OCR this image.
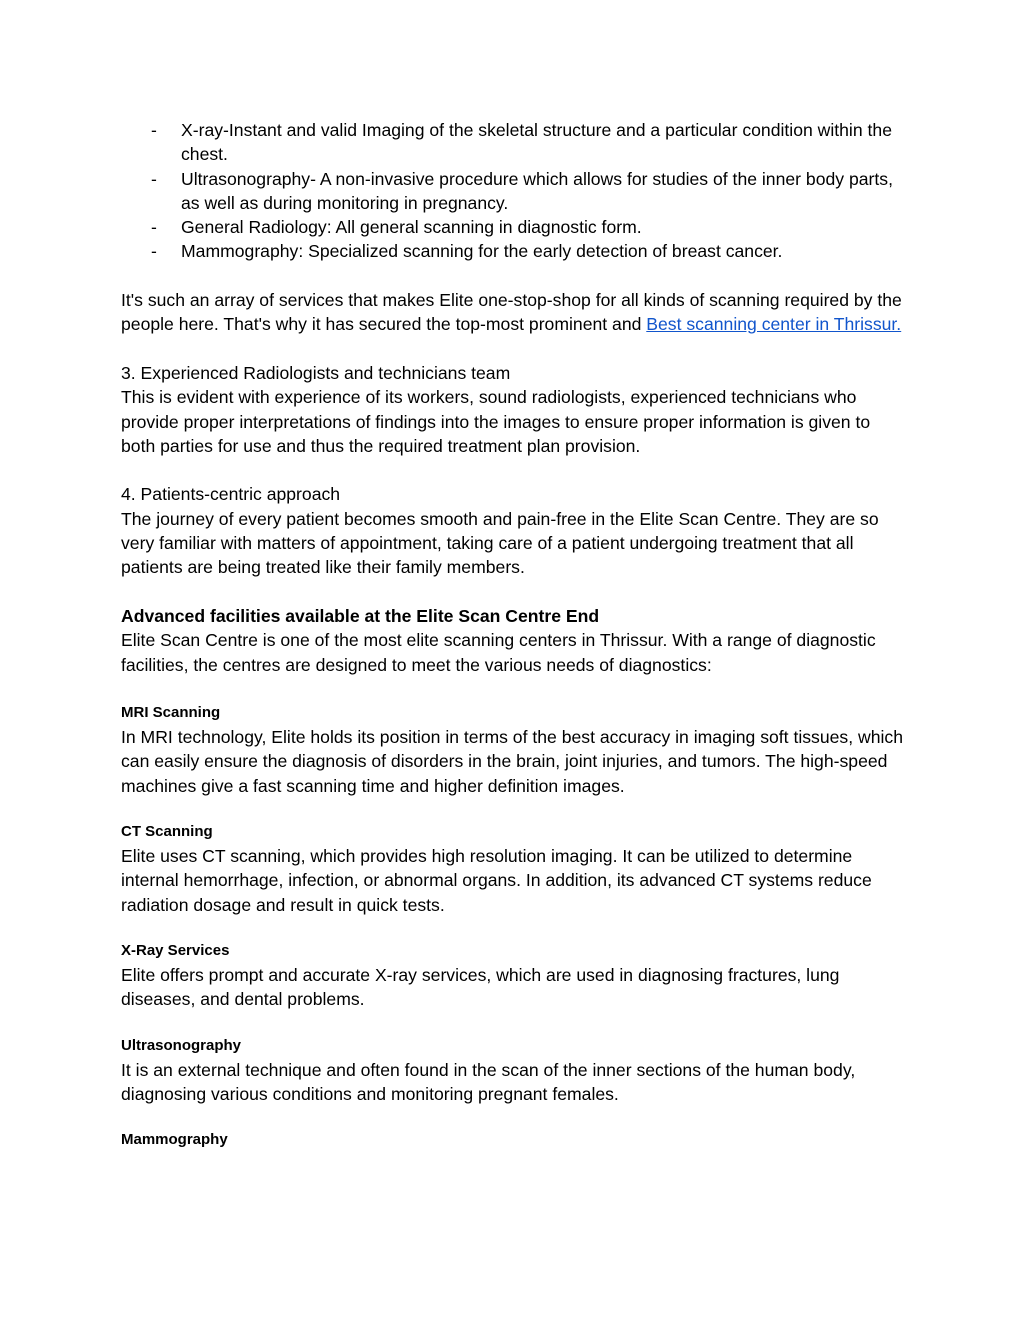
- X-ray-Instant and valid Imaging of the skeletal structure and a particular condition within the chest.
- Ultrasonography- A non-invasive procedure which allows for studies of the inner body parts, as well as during monitoring in pregnancy.
- General Radiology: All general scanning in diagnostic form.
- Mammography: Specialized scanning for the early detection of breast cancer.

It's such an array of services that makes Elite one-stop-shop for all kinds of scanning required by the people here. That's why it has secured the top-most prominent and Best scanning center in Thrissur.

3. Experienced Radiologists and technicians team

This is evident with experience of its workers, sound radiologists, experienced technicians who provide proper interpretations of findings into the images to ensure proper information is given to both parties for use and thus the required treatment plan provision.

4. Patients-centric approach

The journey of every patient becomes smooth and pain-free in the Elite Scan Centre. They are so very familiar with matters of appointment, taking care of a patient undergoing treatment that all patients are being treated like their family members.

Advanced facilities available at the Elite Scan Centre End

Elite Scan Centre is one of the most elite scanning centers in Thrissur. With a range of diagnostic facilities, the centres are designed to meet the various needs of diagnostics:

MRI Scanning

In MRI technology, Elite holds its position in terms of the best accuracy in imaging soft tissues, which can easily ensure the diagnosis of disorders in the brain, joint injuries, and tumors. The high-speed machines give a fast scanning time and higher definition images.

CT Scanning

Elite uses CT scanning, which provides high resolution imaging. It can be utilized to determine internal hemorrhage, infection, or abnormal organs. In addition, its advanced CT systems reduce radiation dosage and result in quick tests.

X-Ray Services

Elite offers prompt and accurate X-ray services, which are used in diagnosing fractures, lung diseases, and dental problems.

Ultrasonography

It is an external technique and often found in the scan of the inner sections of the human body, diagnosing various conditions and monitoring pregnant females.

Mammography
